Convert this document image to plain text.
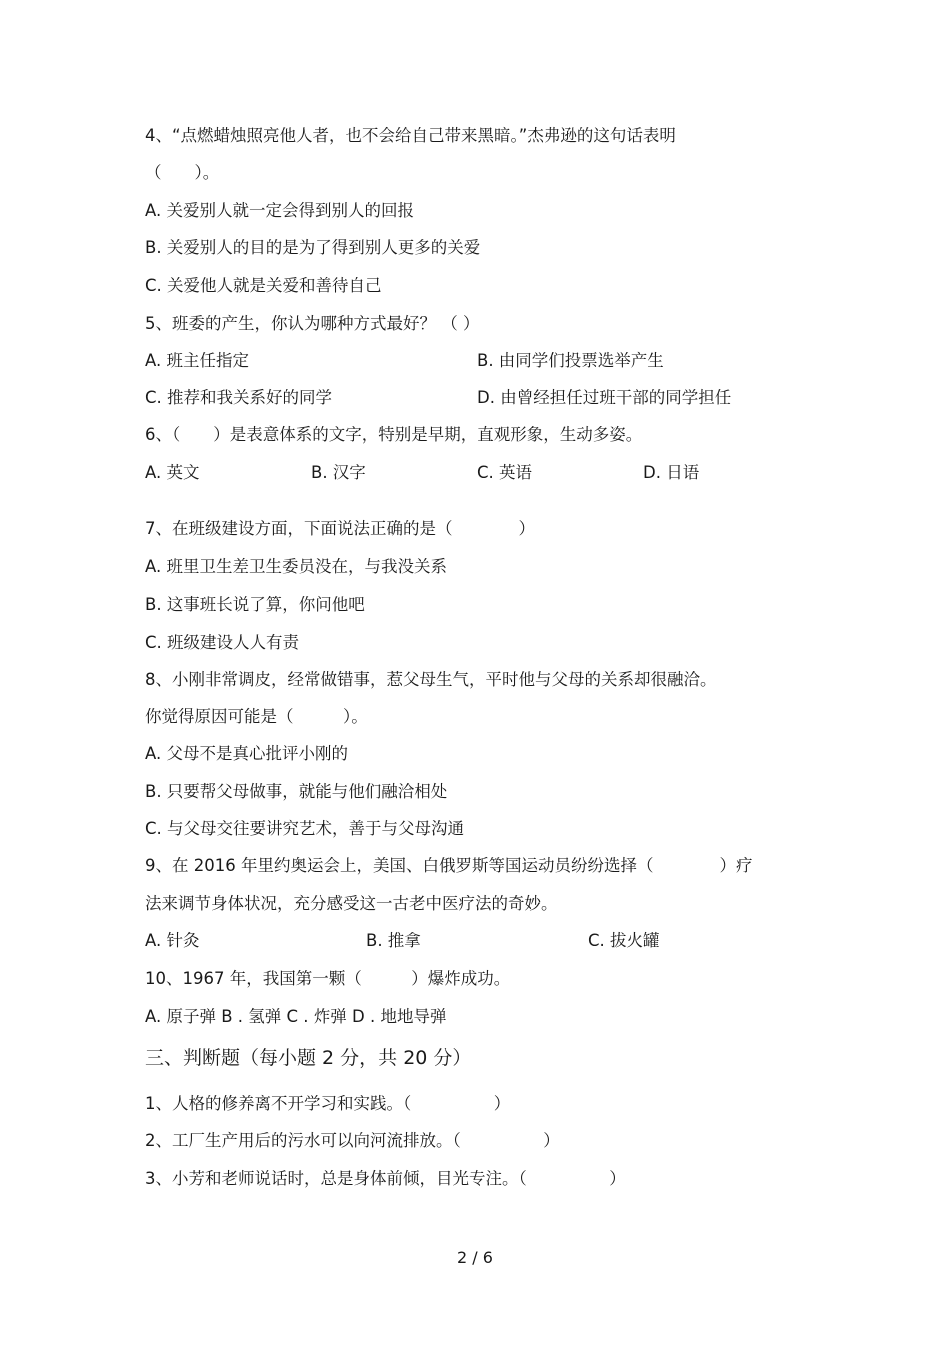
4、“点燃蜡烛照亮他人者，也不会给自己带来黑暗。”杰弗逊的这句话表明
（　　）。
A. 关爱别人就一定会得到别人的回报
B. 关爱别人的目的是为了得到别人更多的关爱
C. 关爱他人就是关爱和善待自己
5、班委的产生，你认为哪种方式最好？ （ ）
A. 班主任指定	B. 由同学们投票选举产生
C. 推荐和我关系好的同学	D. 由曾经担任过班干部的同学担任
6、（　　）是表意体系的文字，特别是早期，直观形象，生动多姿。
A. 英文	B. 汉字	C. 英语	D. 日语
7、在班级建设方面，下面说法正确的是（　　　　）
A. 班里卫生差卫生委员没在，与我没关系
B. 这事班长说了算，你问他吧
C. 班级建设人人有责
8、小刚非常调皮，经常做错事，惹父母生气，平时他与父母的关系却很融洽。
你觉得原因可能是（　　　）。
A. 父母不是真心批评小刚的
B. 只要帮父母做事，就能与他们融洽相处
C. 与父母交往要讲究艺术，善于与父母沟通
9、在 2016 年里约奥运会上，美国、白俄罗斯等国运动员纷纷选择（　　　　）疗
法来调节身体状况，充分感受这一古老中医疗法的奇妙。
A. 针灸	B. 推拿	C. 拔火罐
10、1967 年，我国第一颗（　　　）爆炸成功。
A. 原子弹 B . 氢弹 C . 炸弹 D . 地地导弹
三、判断题（每小题 2 分，共 20 分）
1、人格的修养离不开学习和实践。（　　　　　）
2、工厂生产用后的污水可以向河流排放。（　　　　　）
3、小芳和老师说话时，总是身体前倾，目光专注。（　　　　　）
2 / 6
